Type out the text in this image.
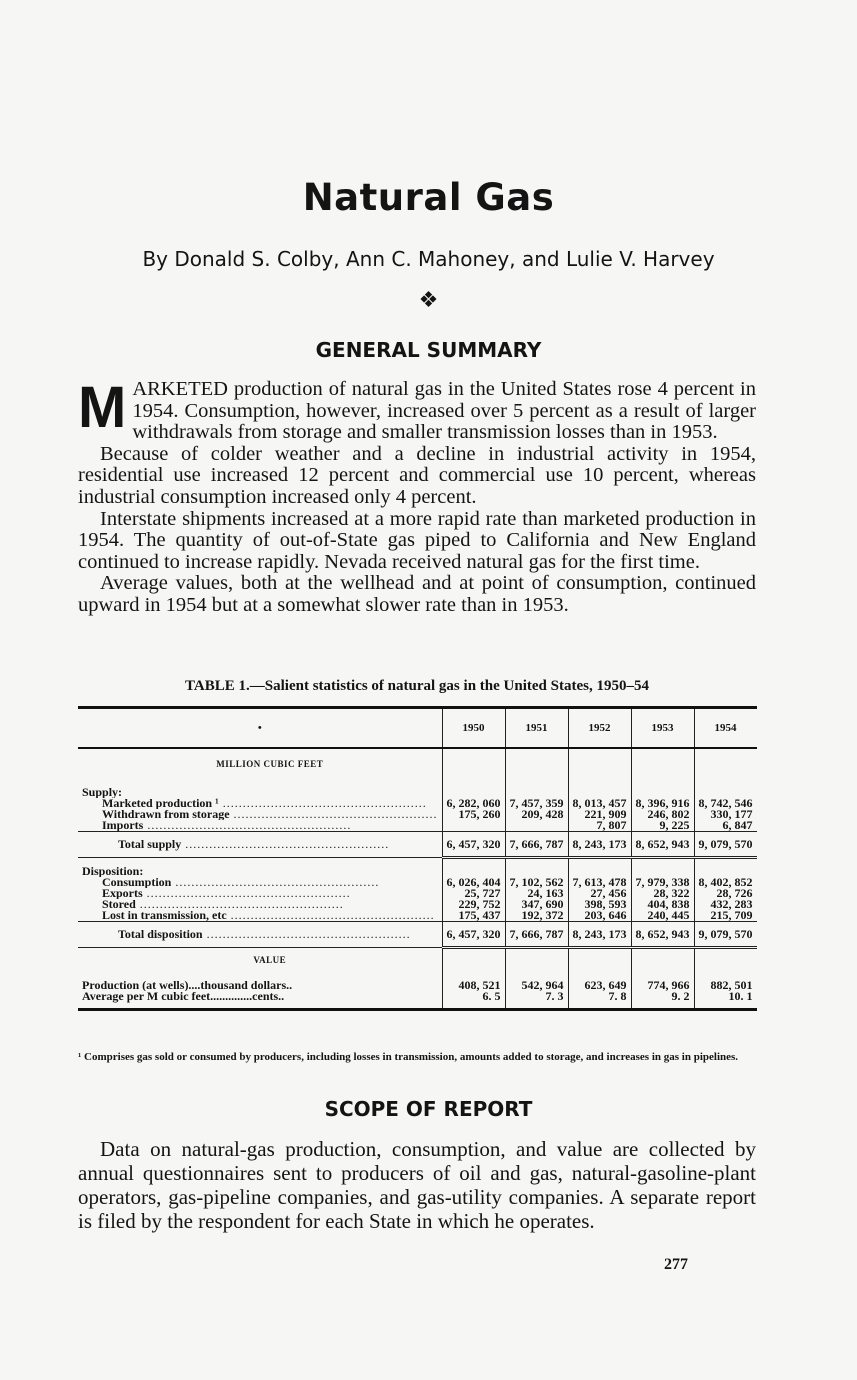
Natural Gas
By Donald S. Colby, Ann C. Mahoney, and Lulie V. Harvey
❖
GENERAL SUMMARY

MARKETED production of natural gas in the United States rose 4 percent in 1954. Consumption, however, increased over 5 percent as a result of larger withdrawals from storage and smaller transmission losses than in 1953.

Because of colder weather and a decline in industrial activity in 1954, residential use increased 12 percent and commercial use 10 percent, whereas industrial consumption increased only 4 percent.

Interstate shipments increased at a more rapid rate than marketed production in 1954. The quantity of out-of-State gas piped to California and New England continued to increase rapidly. Nevada received natural gas for the first time.

Average values, both at the wellhead and at point of consumption, continued upward in 1954 but at a somewhat slower rate than in 1953.

TABLE 1.—Salient statistics of natural gas in the United States, 1950–54
•	1950	1951	1952	1953	1954
MILLION CUBIC FEET					
Supply:					
Marketed production ¹ .....	6, 282, 060	7, 457, 359	8, 013, 457	8, 396, 916	8, 742, 546
Withdrawn from storage .....	175, 260	209, 428	221, 909	246, 802	330, 177
Imports .....			7, 807	9, 225	6, 847
Total supply .....	6, 457, 320	7, 666, 787	8, 243, 173	8, 652, 943	9, 079, 570
Disposition:					
Consumption .....	6, 026, 404	7, 102, 562	7, 613, 478	7, 979, 338	8, 402, 852
Exports .....	25, 727	24, 163	27, 456	28, 322	28, 726
Stored .....	229, 752	347, 690	398, 593	404, 838	432, 283
Lost in transmission, etc .....	175, 437	192, 372	203, 646	240, 445	215, 709
Total disposition .....	6, 457, 320	7, 666, 787	8, 243, 173	8, 652, 943	9, 079, 570
VALUE					
Production (at wells)....thousand dollars..	408, 521	542, 964	623, 649	774, 966	882, 501
Average per M cubic feet..............cents..	6. 5	7. 3	7. 8	9. 2	10. 1
¹ Comprises gas sold or consumed by producers, including losses in transmission, amounts added to storage, and increases in gas in pipelines.
SCOPE OF REPORT

Data on natural-gas production, consumption, and value are collected by annual questionnaires sent to producers of oil and gas, natural-gasoline-plant operators, gas-pipeline companies, and gas-utility companies. A separate report is filed by the respondent for each State in which he operates.

277
